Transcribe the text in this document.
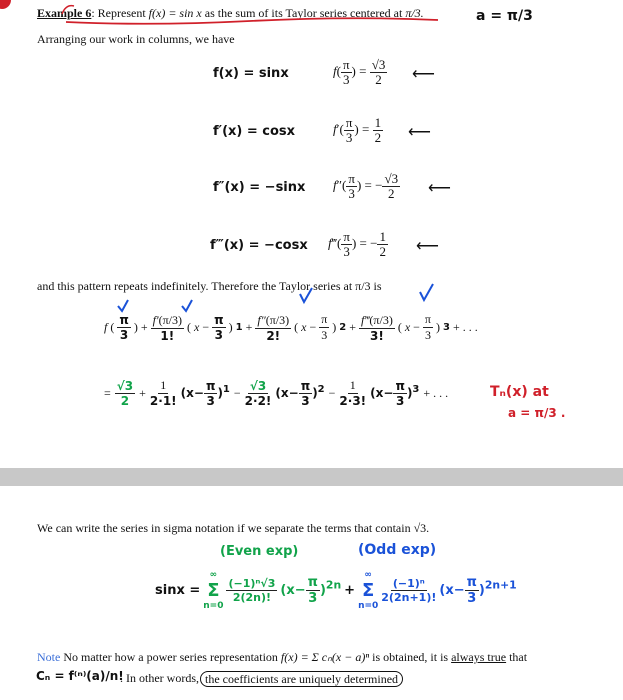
Example 6: Represent f(x) = sin x as the sum of its Taylor series centered at π/3.	a = π/3
Arranging our work in columns, we have
f(x) = sinx	$f( \frac{\pi}{3}$ ) = $\frac{√3}{2}$ ⟵
f′(x) = cosx	$f'( \frac{\pi}{3}$ ) = $\frac{1}{2}$ ⟵
f″(x) = −sinx $f''( \frac{\pi}{3}$ ) = − $\frac{√3}{2}$ ⟵
f‴(x) = −cosx f‴( $\frac{\pi}{3}$ ) = − $\frac{1}{2}$ ⟵
and this pattern repeats indefinitely. Therefore the Taylor series at π/3 is
f ( $\frac{\pi}{3}$ ) + $\frac{f'(\pi/3)}{1!}$ ( $x - \frac{\pi}{3}$ ) $1 + \frac{f''(\pi/3)}{2!}$ ( $x - \frac{\pi}{3}$ ) $2 + \frac{f‴(\pi/3)}{3!}$ ( $x - \frac{\pi}{3}$ ) 3 + . . .
= $\frac{√3}{2} + \frac{1}{2\cdot 1!} (x- \frac{\pi}{3} )^1 - \frac{√3}{2\cdot 2!} (x- \frac{\pi}{3} )^2 - \frac{1}{2\cdot 3!} (x- \frac{\pi}{3} )^3$ + . . .	Tₙ(x) at
a = π/3 .
We can write the series in sigma notation if we separate the terms that contain √3.
(Even exp)	(Odd exp)
sinx =
∞
Σ
n=0
$\frac{\text{(−1)ⁿ√3}}{2(2n)!} (x- \frac{\pi}{3} )^{2n}$ +
∞
Σ
n=0
$\frac{\text{(−1)ⁿ}}{2(2n+1)!} (x- \frac{\pi}{3} )^{2n+1}$
Note No matter how a power series representation f(x) = Σ cₙ(x − a)ⁿ is obtained, it is always true that
Cₙ = f⁽ⁿ⁾(a)/n!
. In other words, the coefficients are uniquely determined
